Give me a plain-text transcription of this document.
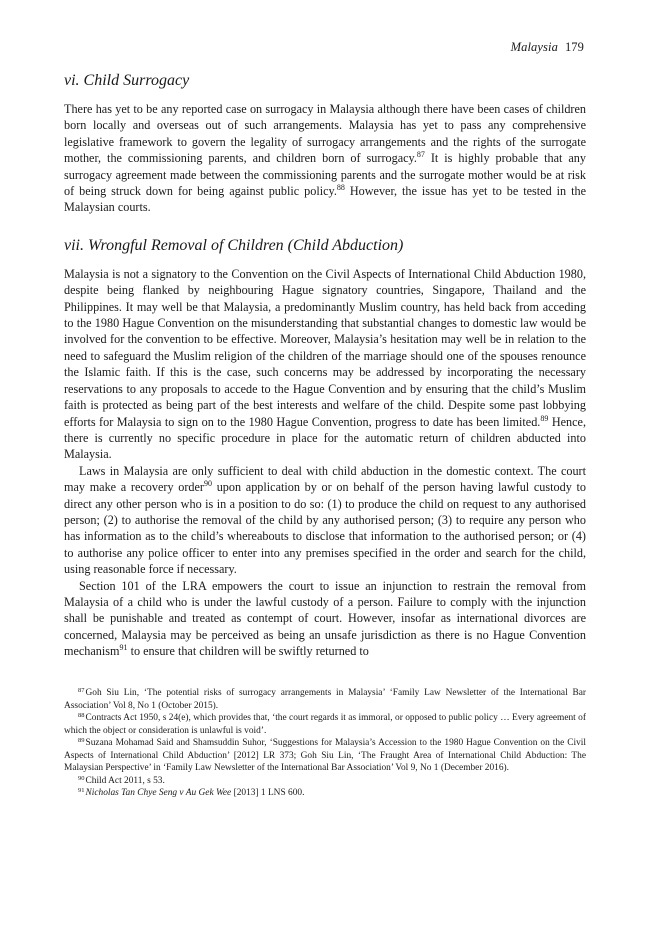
Malaysia 179
vi. Child Surrogacy

There has yet to be any reported case on surrogacy in Malaysia although there have been cases of children born locally and overseas out of such arrangements. Malaysia has yet to pass any comprehensive legislative framework to govern the legality of surrogacy arrangements and the rights of the surrogate mother, the commissioning parents, and children born of surrogacy.$^{87}$ It is highly probable that any surrogacy agreement made between the commissioning parents and the surrogate mother would be at risk of being struck down for being against public policy.$^{88}$ However, the issue has yet to be tested in the Malaysian courts.

vii. Wrongful Removal of Children (Child Abduction)

Malaysia is not a signatory to the Convention on the Civil Aspects of International Child Abduction 1980, despite being flanked by neighbouring Hague signatory countries, Singapore, Thailand and the Philippines. It may well be that Malaysia, a predominantly Muslim country, has held back from acceding to the 1980 Hague Convention on the misunderstanding that substantial changes to domestic law would be involved for the convention to be effective. Moreover, Malaysia’s hesitation may well be in relation to the need to safeguard the Muslim religion of the children of the marriage should one of the spouses renounce the Islamic faith. If this is the case, such concerns may be addressed by incorporating the necessary reservations to any proposals to accede to the Hague Convention and by ensuring that the child’s Muslim faith is protected as being part of the best interests and welfare of the child. Despite some past lobbying efforts for Malaysia to sign on to the 1980 Hague Convention, progress to date has been limited.$^{89}$ Hence, there is currently no specific procedure in place for the automatic return of children abducted into Malaysia.

Laws in Malaysia are only sufficient to deal with child abduction in the domestic context. The court may make a recovery order$^{90}$ upon application by or on behalf of the person having lawful custody to direct any other person who is in a position to do so: (1) to produce the child on request to any authorised person; (2) to authorise the removal of the child by any authorised person; (3) to require any person who has information as to the child’s whereabouts to disclose that information to the authorised person; or (4) to authorise any police officer to enter into any premises specified in the order and search for the child, using reasonable force if necessary.

Section 101 of the LRA empowers the court to issue an injunction to restrain the removal from Malaysia of a child who is under the lawful custody of a person. Failure to comply with the injunction shall be punishable and treated as contempt of court. However, insofar as international divorces are concerned, Malaysia may be perceived as being an unsafe jurisdiction as there is no Hague Convention mechanism$^{91}$ to ensure that children will be swiftly returned to

$^{87}$Goh Siu Lin, ‘The potential risks of surrogacy arrangements in Malaysia’ ‘Family Law Newsletter of the International Bar Association’ Vol 8, No 1 (October 2015).

$^{88}$Contracts Act 1950, s 24(e), which provides that, ‘the court regards it as immoral, or opposed to public policy … Every agreement of which the object or consideration is unlawful is void’.

$^{89}$Suzana Mohamad Said and Shamsuddin Suhor, ‘Suggestions for Malaysia’s Accession to the 1980 Hague Convention on the Civil Aspects of International Child Abduction’ [2012] LR 373; Goh Siu Lin, ‘The Fraught Area of International Child Abduction: The Malaysian Perspective’ in ‘Family Law Newsletter of the International Bar Association’ Vol 9, No 1 (December 2016).

$^{90}$Child Act 2011, s 53.

$^{91}$Nicholas Tan Chye Seng v Au Gek Wee [2013] 1 LNS 600.
